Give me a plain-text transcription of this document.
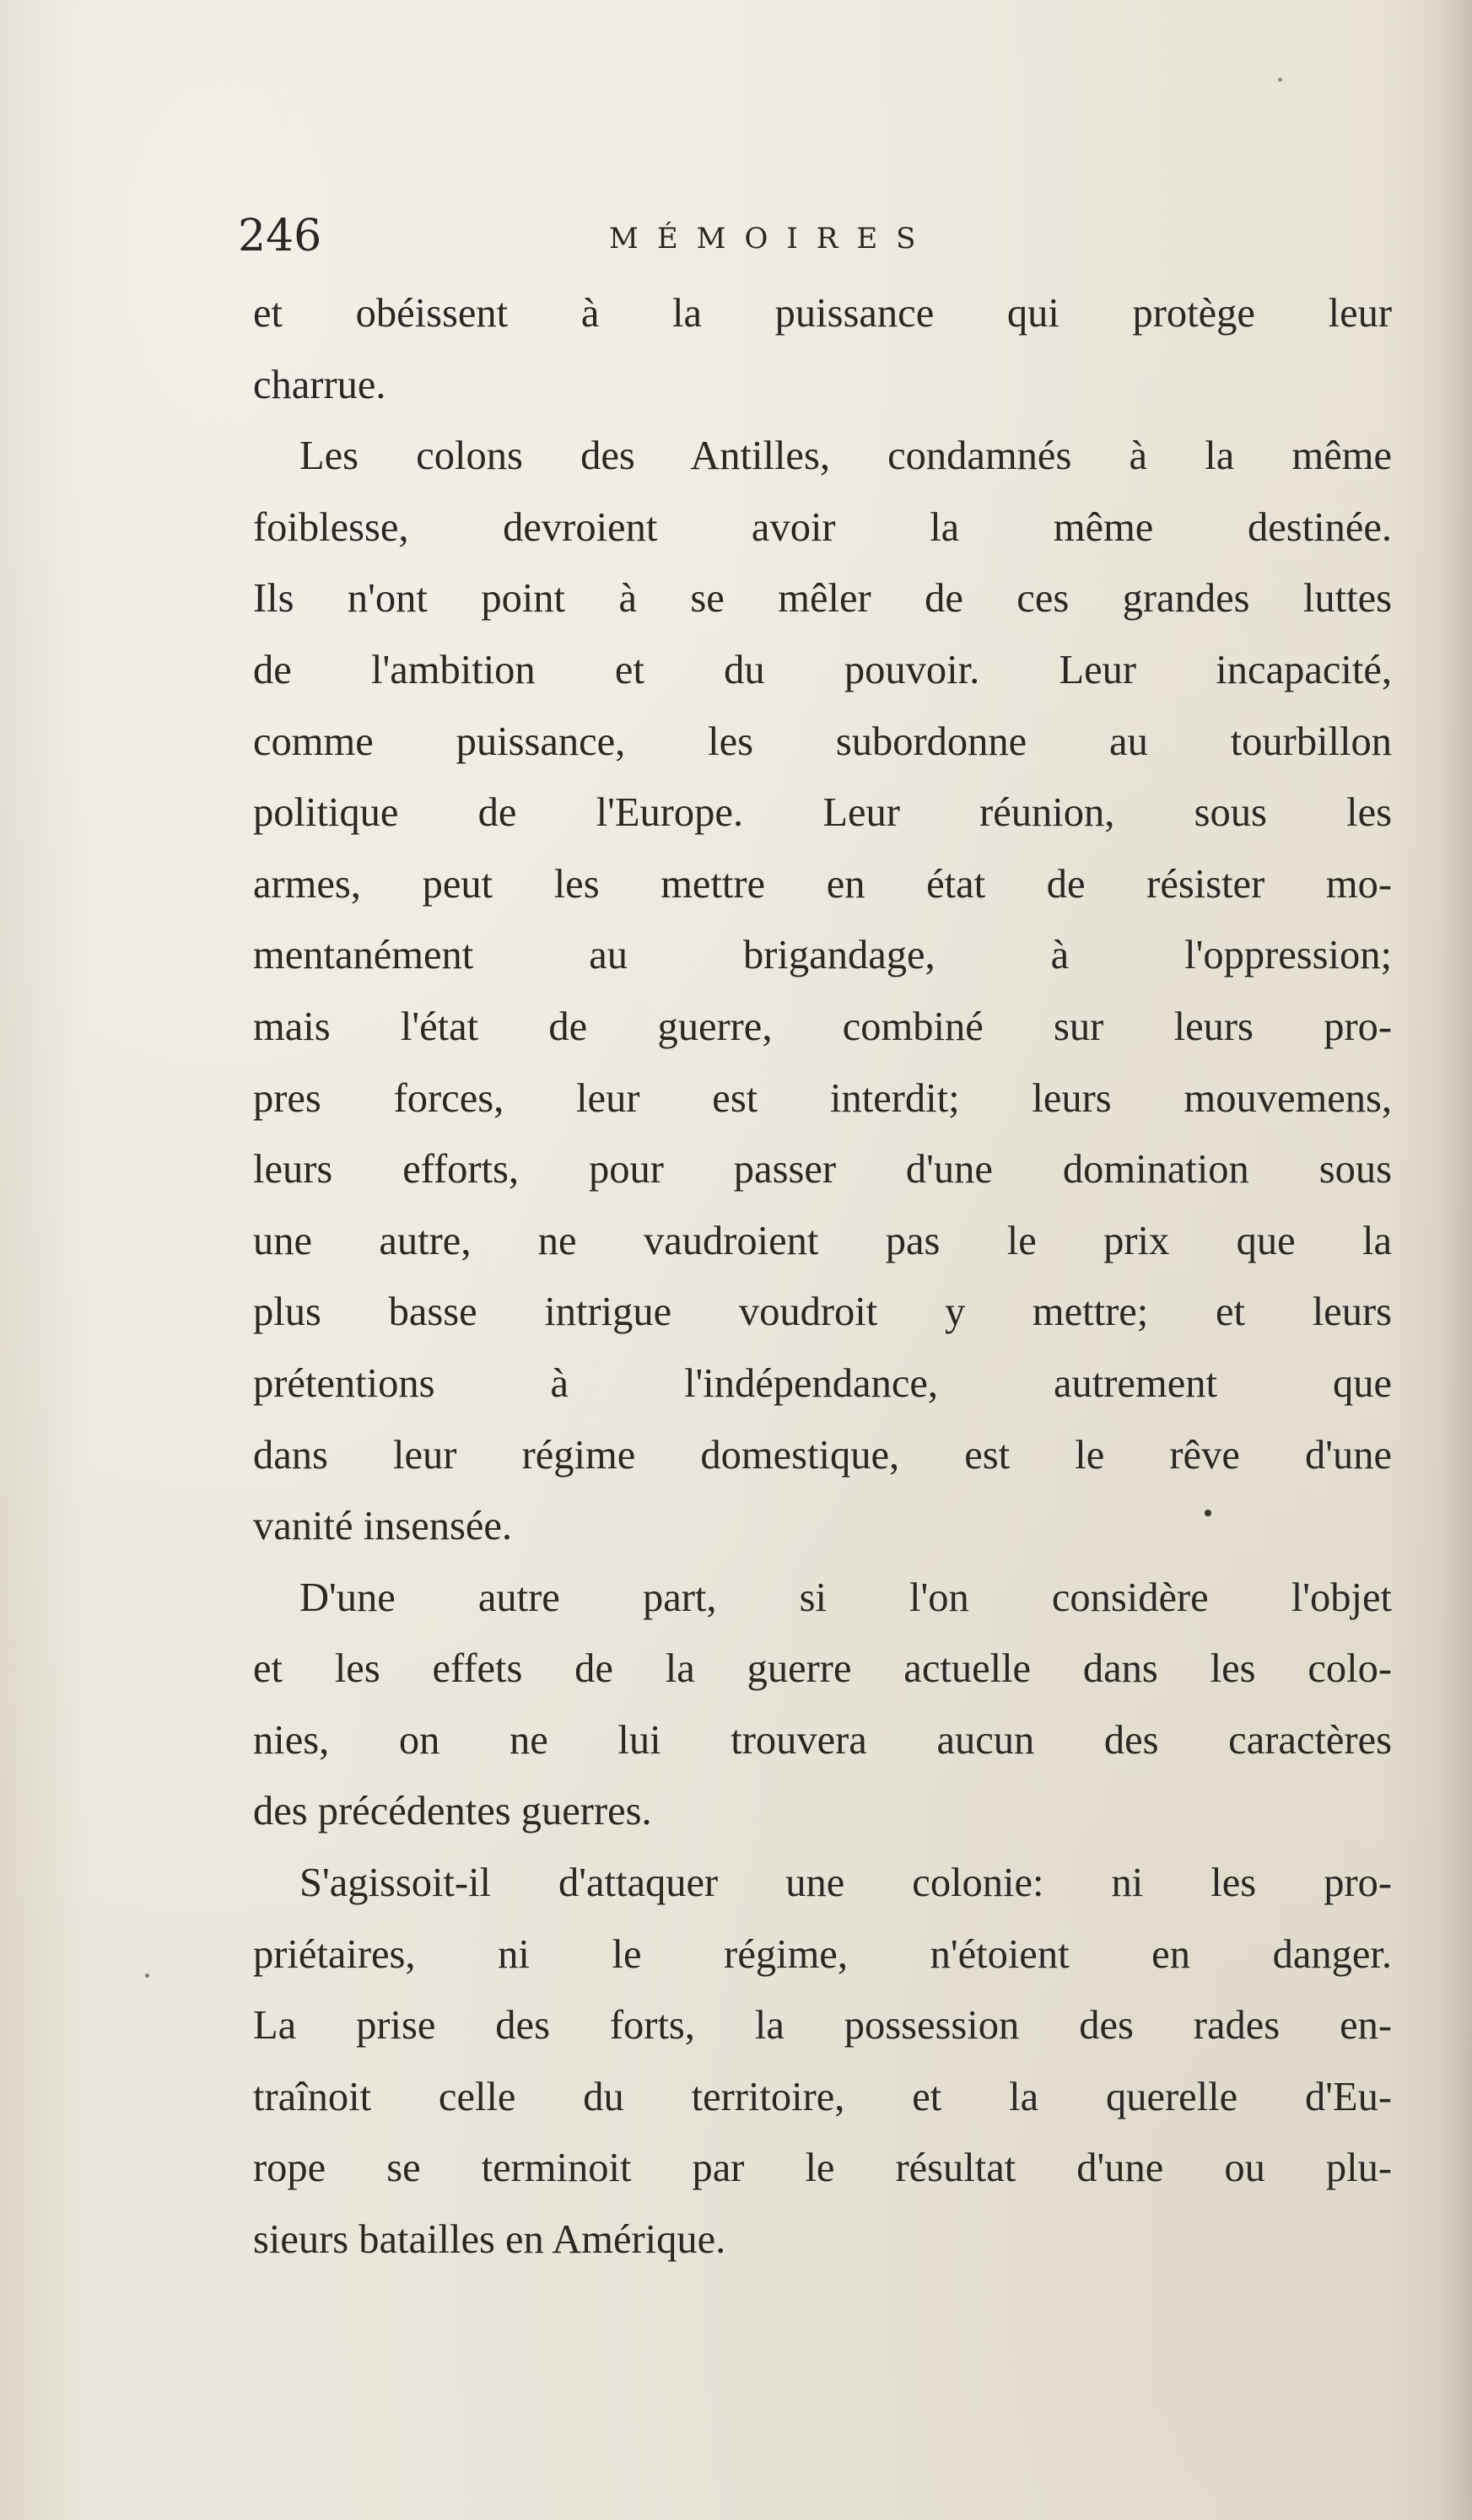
246	MÉMOIRES
et obéissent à la puissance qui protège leur
charrue.
Les colons des Antilles, condamnés à la même
foiblesse, devroient avoir la même destinée.
Ils n'ont point à se mêler de ces grandes luttes
de l'ambition et du pouvoir. Leur incapacité,
comme puissance, les subordonne au tourbillon
politique de l'Europe. Leur réunion, sous les
armes, peut les mettre en état de résister mo-
mentanément au brigandage, à l'oppression;
mais l'état de guerre, combiné sur leurs pro-
pres forces, leur est interdit; leurs mouvemens,
leurs efforts, pour passer d'une domination sous
une autre, ne vaudroient pas le prix que la
plus basse intrigue voudroit y mettre; et leurs
prétentions à l'indépendance, autrement que
dans leur régime domestique, est le rêve d'une
vanité insensée.
D'une autre part, si l'on considère l'objet
et les effets de la guerre actuelle dans les colo-
nies, on ne lui trouvera aucun des caractères
des précédentes guerres.
S'agissoit-il d'attaquer une colonie: ni les pro-
priétaires, ni le régime, n'étoient en danger.
La prise des forts, la possession des rades en-
traînoit celle du territoire, et la querelle d'Eu-
rope se terminoit par le résultat d'une ou plu-
sieurs batailles en Amérique.
